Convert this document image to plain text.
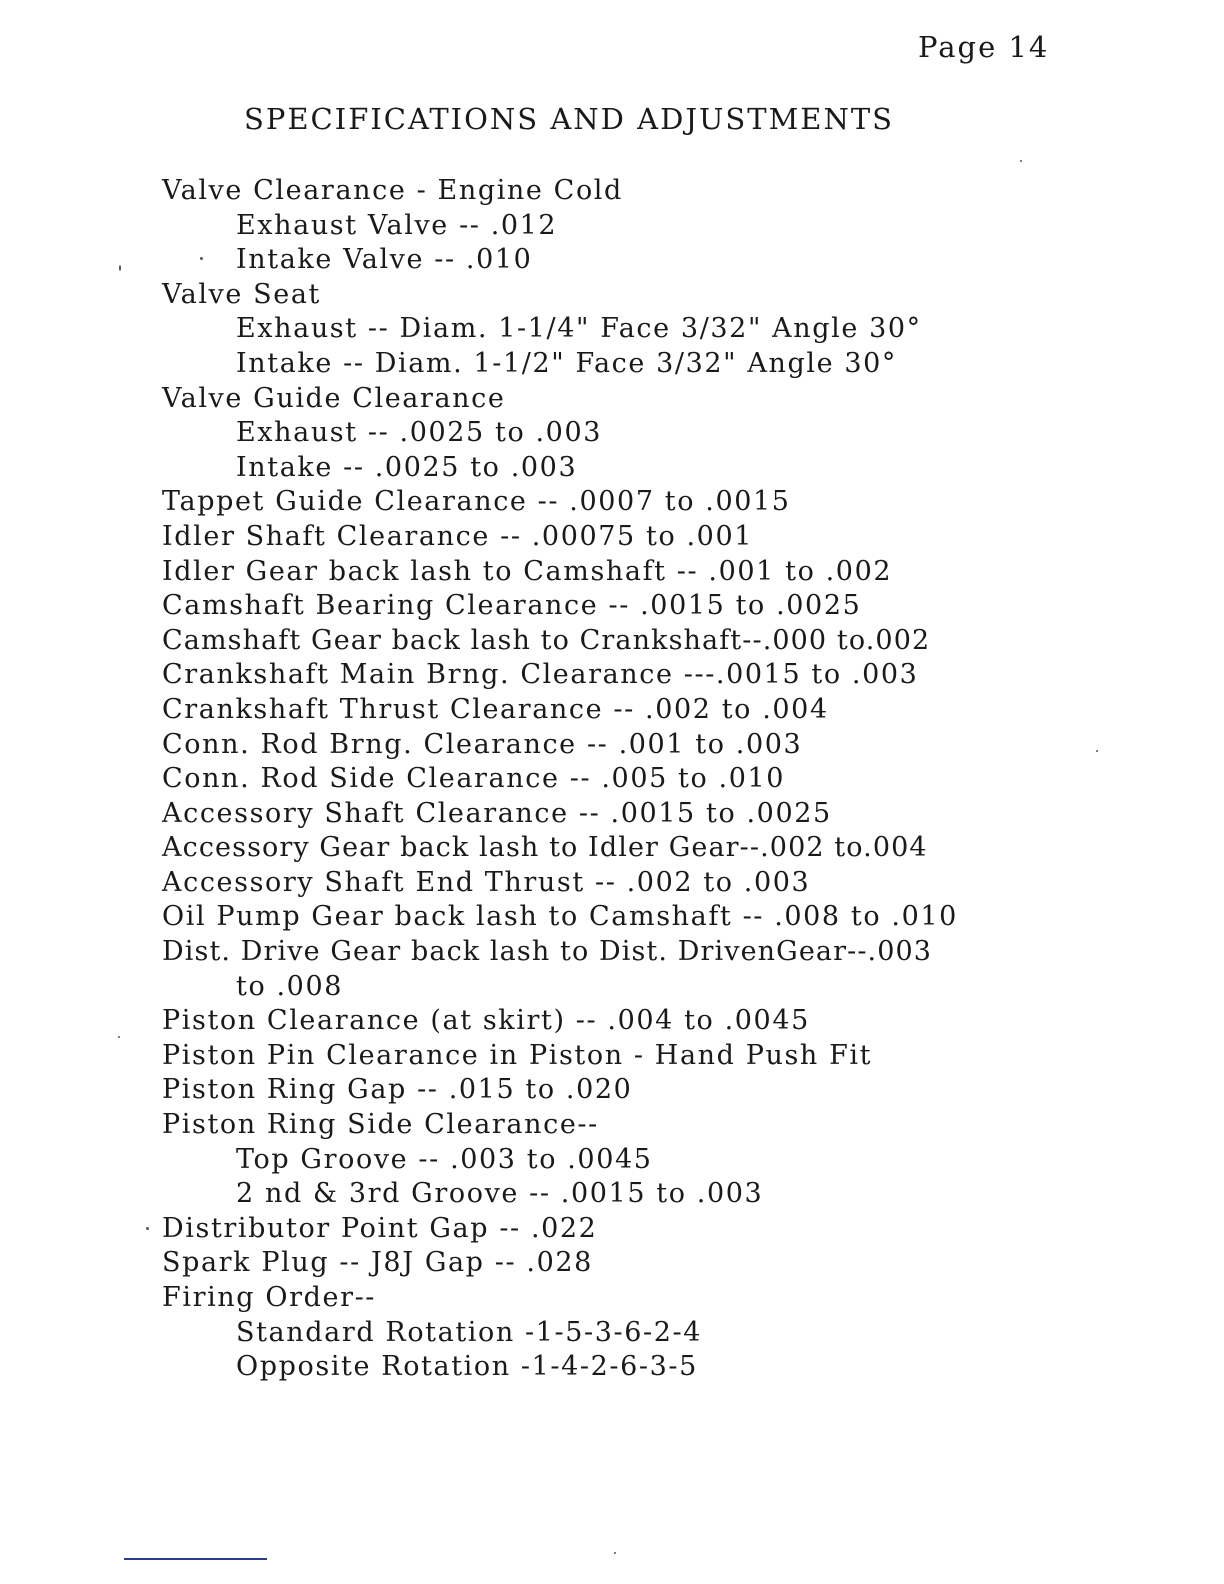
Page 14
SPECIFICATIONS AND ADJUSTMENTS
Valve Clearance - Engine Cold
Exhaust Valve -- .012
Intake Valve -- .010
Valve Seat
Exhaust -- Diam. 1-1/4" Face 3/32" Angle 30°
Intake -- Diam. 1-1/2" Face 3/32" Angle 30°
Valve Guide Clearance
Exhaust -- .0025 to .003
Intake -- .0025 to .003
Tappet Guide Clearance -- .0007 to .0015
Idler Shaft Clearance -- .00075 to .001
Idler Gear back lash to Camshaft -- .001 to .002
Camshaft Bearing Clearance -- .0015 to .0025
Camshaft Gear back lash to Crankshaft--.000 to.002
Crankshaft Main Brng. Clearance ---.0015 to .003
Crankshaft Thrust Clearance -- .002 to .004
Conn. Rod Brng. Clearance -- .001 to .003
Conn. Rod Side Clearance -- .005 to .010
Accessory Shaft Clearance -- .0015 to .0025
Accessory Gear back lash to Idler Gear--.002 to.004
Accessory Shaft End Thrust -- .002 to .003
Oil Pump Gear back lash to Camshaft -- .008 to .010
Dist. Drive Gear back lash to Dist. DrivenGear--.003
to .008
Piston Clearance (at skirt) -- .004 to .0045
Piston Pin Clearance in Piston - Hand Push Fit
Piston Ring Gap -- .015 to .020
Piston Ring Side Clearance--
Top Groove -- .003 to .0045
2 nd & 3rd Groove -- .0015 to .003
Distributor Point Gap -- .022
Spark Plug -- J8J Gap -- .028
Firing Order--
Standard Rotation -1-5-3-6-2-4
Opposite Rotation -1-4-2-6-3-5
